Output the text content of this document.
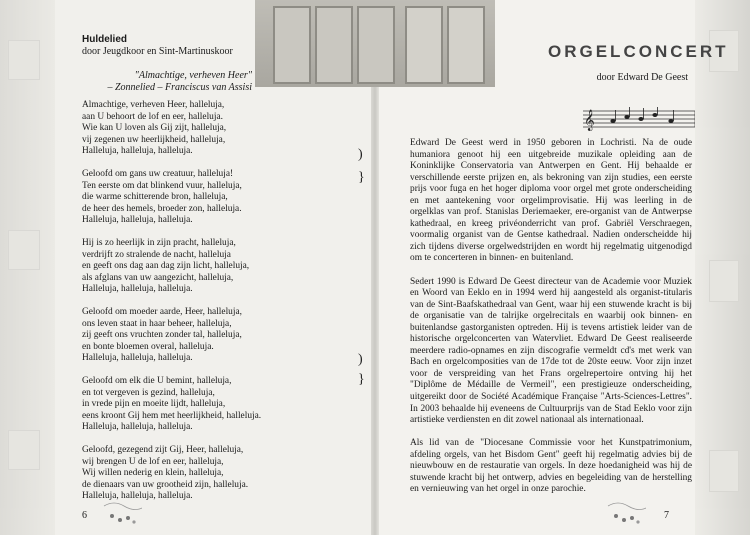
Huldelied
door Jeugdkoor en Sint-Martinuskoor
"Almachtige, verheven Heer"
– Zonnelied – Franciscus van Assisi
Almachtige, verheven Heer, halleluja,
aan U behoort de lof en eer, halleluja.
Wie kan U loven als Gij zijt, halleluja,
vij zegenen uw heerlijkheid, halleluja,
Halleluja, halleluja, halleluja.
Geloofd om gans uw creatuur, halleluja!
Ten eerste om dat blinkend vuur, halleluja,
die warme schitterende bron, halleluja,
de heer des hemels, broeder zon, halleluja.
Halleluja, halleluja, halleluja.
Hij is zo heerlijk in zijn pracht, halleluja,
verdrijft zo stralende de nacht, halleluja
en geeft ons dag aan dag zijn licht, halleluja,
als afglans van uw aangezicht, halleluja,
Halleluja, halleluja, halleluja.
Geloofd om moeder aarde, Heer, halleluja,
ons leven staat in haar beheer, halleluja,
zij geeft ons vruchten zonder tal, halleluja,
en bonte bloemen overal, halleluja.
Halleluja, halleluja, halleluja.
Geloofd om elk die U bemint, halleluja,
en tot vergeven is gezind, halleluja,
in vrede pijn en moeite lijdt, halleluja,
eens kroont Gij hem met heerlijkheid, halleluja.
Halleluja, halleluja, halleluja.
Geloofd, gezegend zijt Gij, Heer, halleluja,
wij brengen U de lof en eer, halleluja,
Wij willen nederig en klein, halleluja,
de dienaars van uw grootheid zijn, halleluja.
Halleluja, halleluja, halleluja.
)
}
)
}
6
ORGELCONCERT
door Edward De Geest
𝄞

Edward De Geest werd in 1950 geboren in Lochristi. Na de oude humaniora genoot hij een uitgebreide muzikale opleiding aan de Koninklijke Conservatoria van Antwerpen en Gent. Hij behaalde er verschillende eerste prijzen en, als bekroning van zijn studies, een eerste prijs voor fuga en het hoger diploma voor orgel met grote onderscheiding en met aantekening voor orgelimprovisatie. Hij was leerling in de orgelklas van prof. Stanislas Deriemaeker, ere-organist van de Antwerpse kathedraal, en kreeg privéonderricht van prof. Gabriël Verschraegen, voormalig organist van de Gentse kathedraal. Nadien onderscheidde hij zich tijdens diverse orgelwedstrijden en wordt hij regelmatig uitgenodigd om te concerteren in binnen- en buitenland.

Sedert 1990 is Edward De Geest directeur van de Academie voor Muziek en Woord van Eeklo en in 1994 werd hij aangesteld als organist-titularis van de Sint-Baafskathedraal van Gent, waar hij een stuwende kracht is bij de organisatie van de talrijke orgelrecitals en waarbij ook binnen- en buitenlandse gastorganisten optreden. Hij is tevens artistiek leider van de historische orgelconcerten van Watervliet. Edward De Geest realiseerde meerdere radio-opnames en zijn discografie vermeldt cd's met werk van Bach en orgelcomposities van de 17de tot de 20ste eeuw. Voor zijn inzet voor de verspreiding van het Frans orgelrepertoire ontving hij het "Diplôme de Médaille de Vermeil", een prestigieuze onderscheiding, uitgereikt door de Société Académique Française "Arts-Sciences-Lettres". In 2003 behaalde hij eveneens de Cultuurprijs van de Stad Eeklo voor zijn artistieke verdiensten en dit zowel nationaal als internationaal.

Als lid van de "Diocesane Commissie voor het Kunstpatrimonium, afdeling orgels, van het Bisdom Gent" geeft hij regelmatig advies bij de nieuwbouw en de restauratie van orgels. In deze hoedanigheid was hij de stuwende kracht bij het ontwerp, advies en begeleiding van de herstelling en vernieuwing van het orgel in onze parochie.

7
